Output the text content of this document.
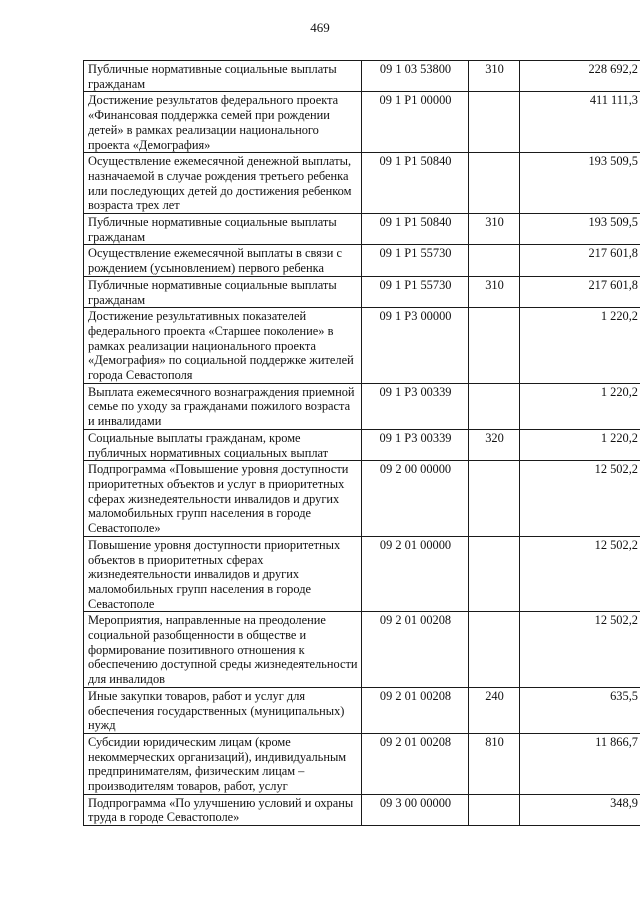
469
Публичные нормативные социальные выплаты гражданам	09 1 03 53800	310	228 692,2
Достижение результатов федерального проекта «Финансовая поддержка семей при рождении детей» в рамках реализации национального проекта «Демография»	09 1 P1 00000		411 111,3
Осуществление ежемесячной денежной выплаты, назначаемой в случае рождения третьего ребенка или последующих детей до достижения ребенком возраста трех лет	09 1 P1 50840		193 509,5
Публичные нормативные социальные выплаты гражданам	09 1 P1 50840	310	193 509,5
Осуществление ежемесячной выплаты в связи с рождением (усыновлением) первого ребенка	09 1 P1 55730		217 601,8
Публичные нормативные социальные выплаты гражданам	09 1 P1 55730	310	217 601,8
Достижение результативных показателей федерального проекта «Старшее поколение» в рамках реализации национального проекта «Демография» по социальной поддержке жителей города Севастополя	09 1 P3 00000		1 220,2
Выплата ежемесячного вознаграждения приемной семье по уходу за гражданами пожилого возраста и инвалидами	09 1 P3 00339		1 220,2
Социальные выплаты гражданам, кроме публичных нормативных социальных выплат	09 1 P3 00339	320	1 220,2
Подпрограмма «Повышение уровня доступности приоритетных объектов и услуг в приоритетных сферах жизнедеятельности инвалидов и других маломобильных групп населения в городе Севастополе»	09 2 00 00000		12 502,2
Повышение уровня доступности приоритетных объектов в приоритетных сферах жизнедеятельности инвалидов и других маломобильных групп населения в городе Севастополе	09 2 01 00000		12 502,2
Мероприятия, направленные на преодоление социальной разобщенности в обществе и формирование позитивного отношения к обеспечению доступной среды жизнедеятельности для инвалидов	09 2 01 00208		12 502,2
Иные закупки товаров, работ и услуг для обеспечения государственных (муниципальных) нужд	09 2 01 00208	240	635,5
Субсидии юридическим лицам (кроме некоммерческих организаций), индивидуальным предпринимателям, физическим лицам – производителям товаров, работ, услуг	09 2 01 00208	810	11 866,7
Подпрограмма «По улучшению условий и охраны труда в городе Севастополе»	09 3 00 00000		348,9
